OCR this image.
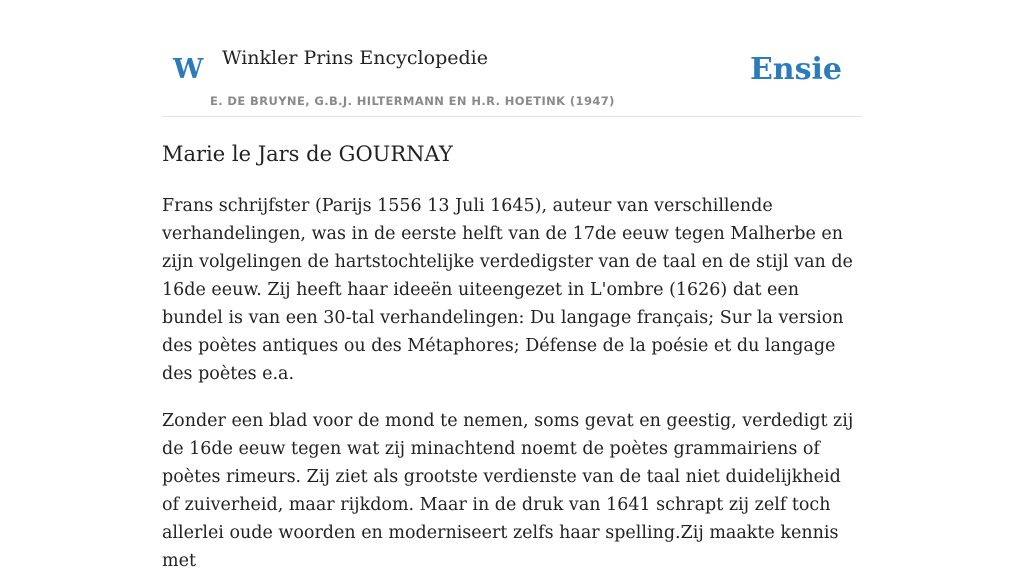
W Winkler Prins Encyclopedie
E. DE BRUYNE, G.B.J. HILTERMANN EN H.R. HOETINK (1947)
Ensie
Marie le Jars de GOURNAY

Frans schrijfster (Parijs 1556 13 Juli 1645), auteur van verschillende verhandelingen, was in de eerste helft van de 17de eeuw tegen Malherbe en zijn volgelingen de hartstochtelijke verdedigster van de taal en de stijl van de 16de eeuw. Zij heeft haar ideeën uiteengezet in L'ombre (1626) dat een bundel is van een 30-tal verhandelingen: Du langage français; Sur la version des poètes antiques ou des Métaphores; Défense de la poésie et du langage des poètes e.a.

Zonder een blad voor de mond te nemen, soms gevat en geestig, verdedigt zij de 16de eeuw tegen wat zij minachtend noemt de poètes grammairiens of poètes rimeurs. Zij ziet als grootste verdienste van de taal niet duidelijkheid of zuiverheid, maar rijkdom. Maar in de druk van 1641 schrapt zij zelf toch allerlei oude woorden en moderniseert zelfs haar spelling.Zij maakte kennis met
